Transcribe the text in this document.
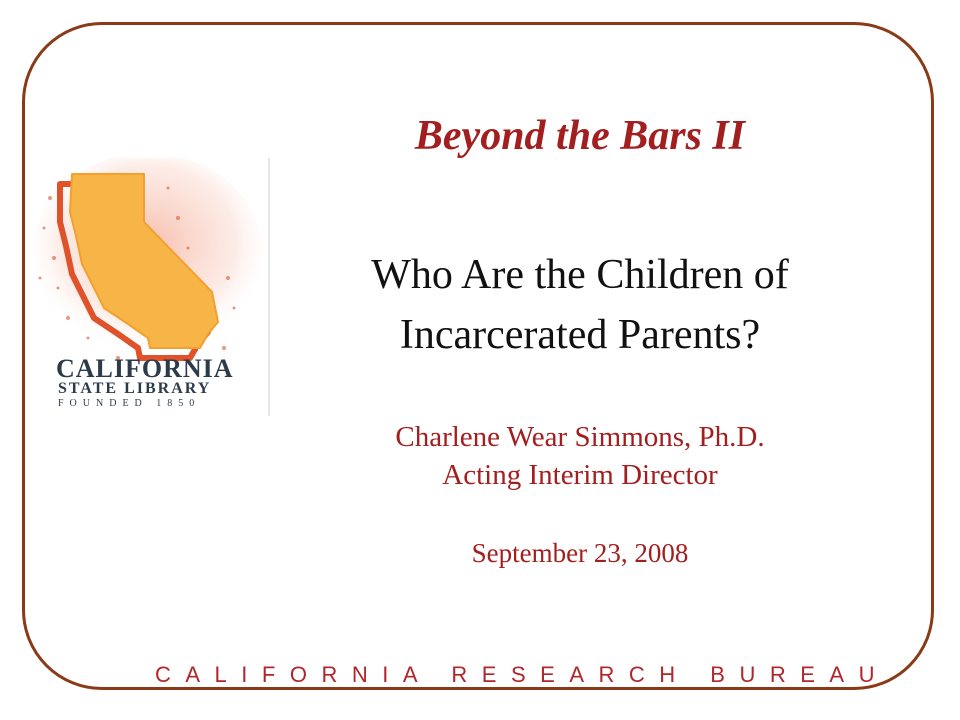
CALIFORNIA
STATE LIBRARY
FOUNDED 1850
Beyond the Bars II
Who Are the Children of
Incarcerated Parents?
Charlene Wear Simmons, Ph.D.
Acting Interim Director
September 23, 2008
CALIFORNIA RESEARCH BUREAU
